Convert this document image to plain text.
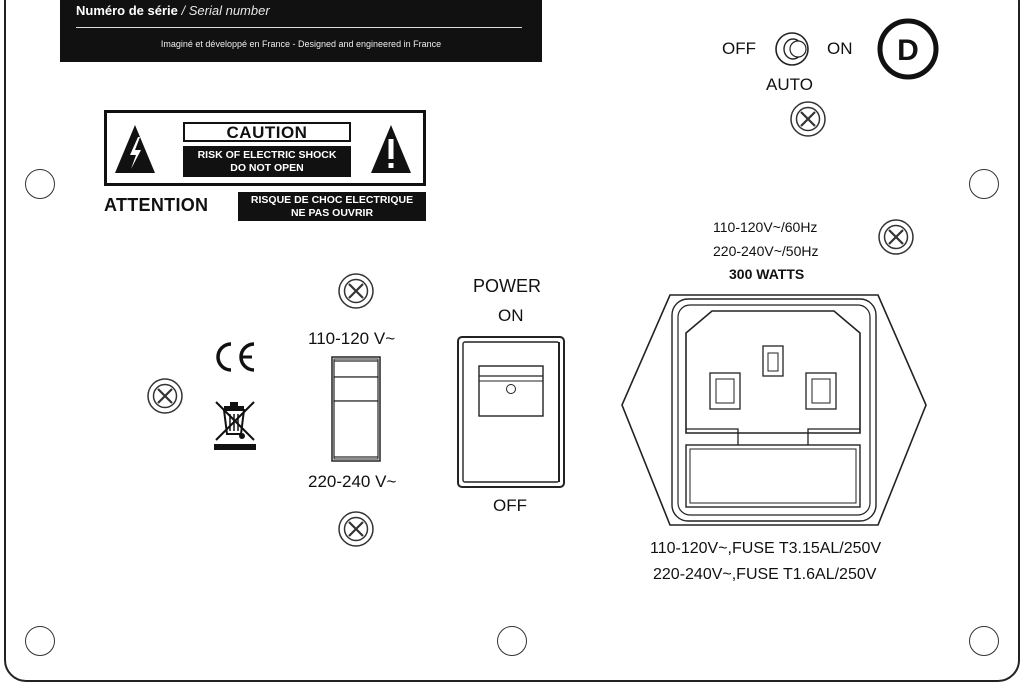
Numéro de série / Serial number
Imaginé et développé en France - Designed and engineered in France	OFF	ON
AUTO
CAUTION
RISK OF ELECTRIC SHOCK
DO NOT OPEN
ATTENTION	RISQUE DE CHOC ELECTRIQUE
NE PAS OUVRIR
110-120 V~
220-240 V~
POWER
ON
OFF
110-120V~/60Hz
220-240V~/50Hz
300 WATTS
110-120V~,FUSE T3.15AL/250V
220-240V~,FUSE T1.6AL/250V
D
